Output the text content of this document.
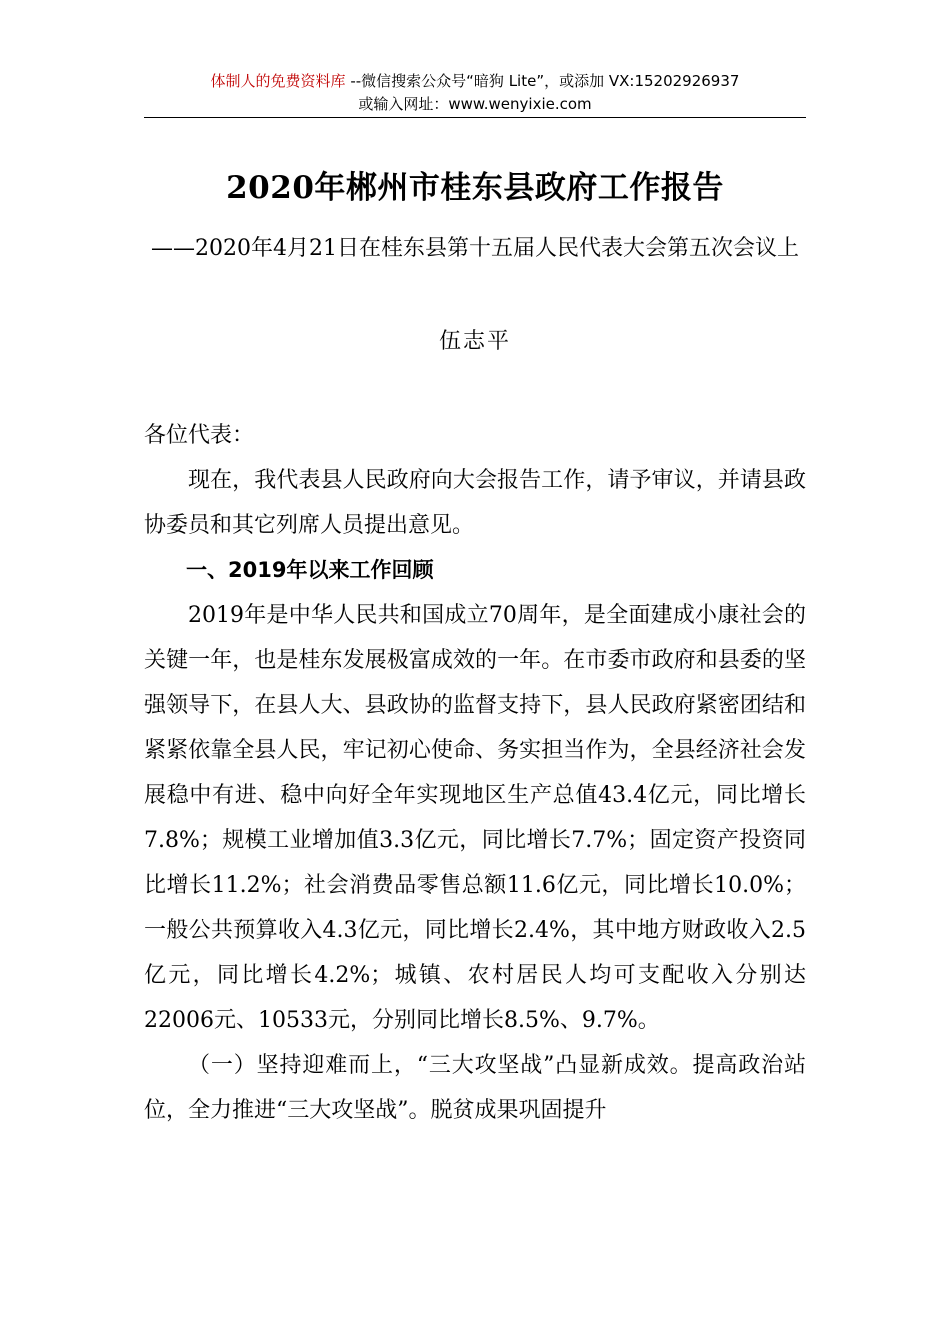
体制人的免费资料库 --微信搜索公众号“暗狗 Lite”，或添加 VX:15202926937
或输入网址：www.wenyixie.com
2020年郴州市桂东县政府工作报告
——2020年4月21日在桂东县第十五届人民代表大会第五次会议上
伍志平

各位代表：

现在，我代表县人民政府向大会报告工作，请予审议，并请县政协委员和其它列席人员提出意见。

一、2019年以来工作回顾

2019年是中华人民共和国成立70周年，是全面建成小康社会的关键一年，也是桂东发展极富成效的一年。在市委市政府和县委的坚强领导下，在县人大、县政协的监督支持下，县人民政府紧密团结和紧紧依靠全县人民，牢记初心使命、务实担当作为，全县经济社会发展稳中有进、稳中向好全年实现地区生产总值43.4亿元，同比增长7.8%；规模工业增加值3.3亿元，同比增长7.7%；固定资产投资同比增长11.2%；社会消费品零售总额11.6亿元，同比增长10.0%；一般公共预算收入4.3亿元，同比增长2.4%，其中地方财政收入2.5亿元，同比增长4.2%；城镇、农村居民人均可支配收入分别达22006元、10533元，分别同比增长8.5%、9.7%。

（一）坚持迎难而上，“三大攻坚战”凸显新成效。提高政治站位，全力推进“三大攻坚战”。脱贫成果巩固提升
